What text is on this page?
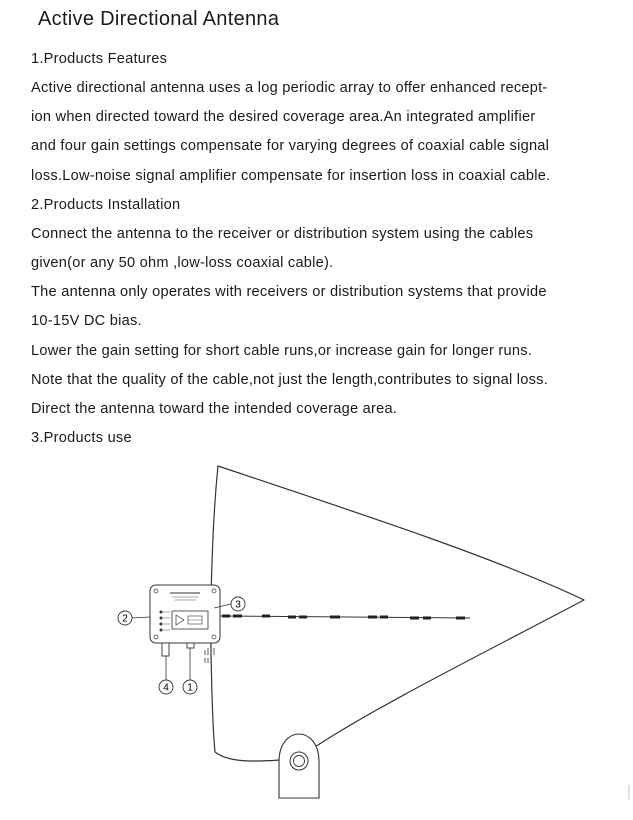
Active Directional Antenna
1.Products Features
Active directional antenna uses a log periodic array to offer enhanced recept-
ion when directed toward the desired coverage area.An integrated amplifier
and four gain settings compensate for varying degrees of coaxial cable signal
loss.Low-noise signal amplifier compensate for insertion loss in coaxial cable.
2.Products Installation
Connect the antenna to the receiver or distribution system using the cables
given(or any 50 ohm ,low-loss coaxial cable).
The antenna only operates with receivers or distribution systems that provide
10-15V DC bias.
Lower the gain setting for short cable runs,or increase gain for longer runs.
Note that the quality of the cable,not just the length,contributes to signal loss.
Direct the antenna toward the intended coverage area.
3.Products use
2
3
4 1
